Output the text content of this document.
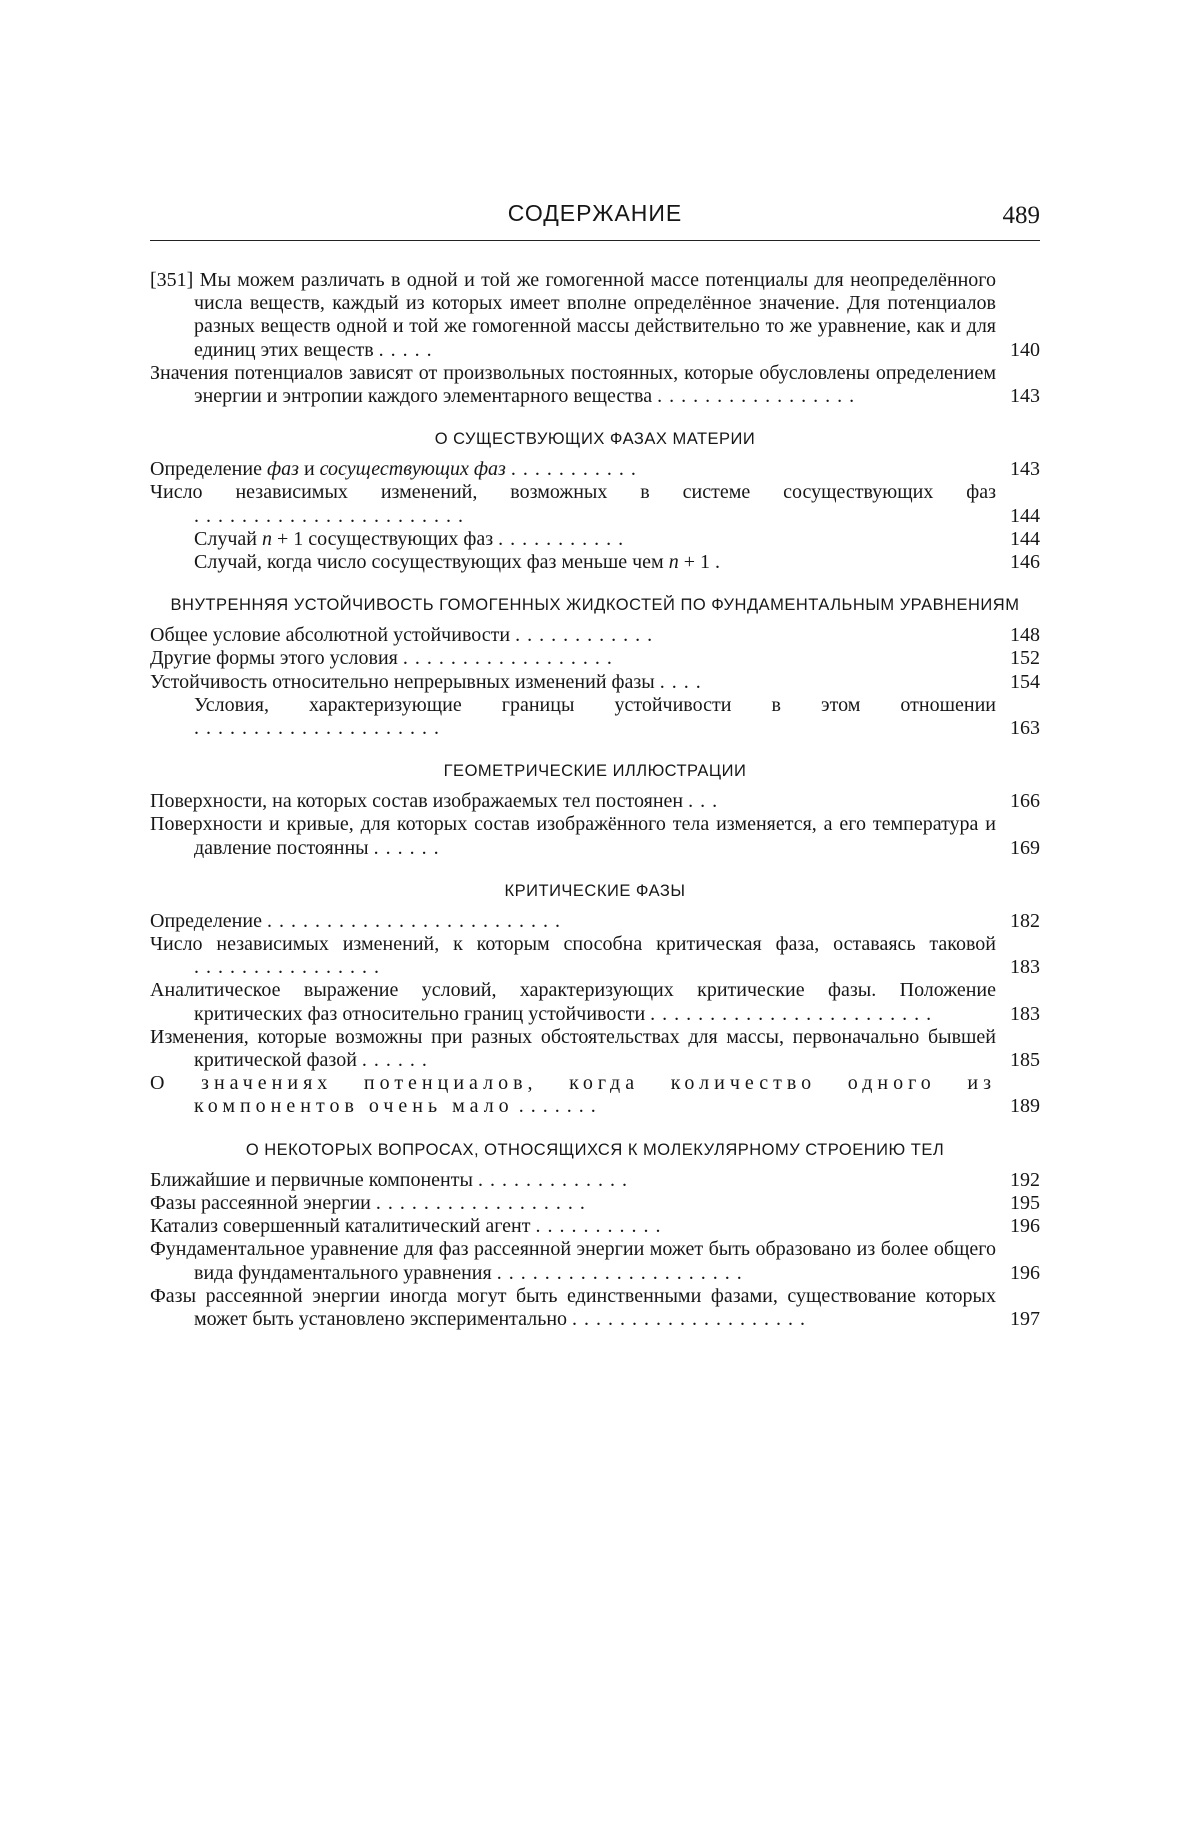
СОДЕРЖАНИЕ	489
[351] Мы можем различать в одной и той же гомогенной массе потенциалы для неопределённого числа веществ, каждый из которых имеет вполне определённое значение. Для потенциалов разных веществ одной и той же гомогенной массы действительно то же уравнение, как и для единиц этих веществ .....	140
Значения потенциалов зависят от произвольных постоянных, которые обусловлены определением энергии и энтропии каждого элементарного вещества .................	143
О СУЩЕСТВУЮЩИХ ФАЗАХ МАТЕРИИ
Определение фаз и сосуществующих фаз ...........	143
Число независимых изменений, возможных в системе сосуществующих фаз .......................	144
Случай n + 1 сосуществующих фаз ...........	144
Случай, когда число сосуществующих фаз меньше чем n + 1 .	146
ВНУТРЕННЯЯ УСТОЙЧИВОСТЬ ГОМОГЕННЫХ ЖИДКОСТЕЙ ПО ФУНДАМЕНТАЛЬНЫМ УРАВНЕНИЯМ
Общее условие абсолютной устойчивости ............	148
Другие формы этого условия ..................	152
Устойчивость относительно непрерывных изменений фазы ....	154
Условия, характеризующие границы устойчивости в этом отношении .....................	163
ГЕОМЕТРИЧЕСКИЕ ИЛЛЮСТРАЦИИ
Поверхности, на которых состав изображаемых тел постоянен ...	166
Поверхности и кривые, для которых состав изображённого тела изменяется, а его температура и давление постоянны ......	169
КРИТИЧЕСКИЕ ФАЗЫ
Определение .........................	182
Число независимых изменений, к которым способна критическая фаза, оставаясь таковой ................	183
Аналитическое выражение условий, характеризующих критические фазы. Положение критических фаз относительно границ устойчивости ........................	183
Изменения, которые возможны при разных обстоятельствах для массы, первоначально бывшей критической фазой ......	185
О значениях потенциалов, когда количество одного из компонентов очень мало .......	189
О НЕКОТОРЫХ ВОПРОСАХ, ОТНОСЯЩИХСЯ К МОЛЕКУЛЯРНОМУ СТРОЕНИЮ ТЕЛ
Ближайшие и первичные компоненты .............	192
Фазы рассеянной энергии ..................	195
Катализ совершенный каталитический агент ...........	196
Фундаментальное уравнение для фаз рассеянной энергии может быть образовано из более общего вида фундаментального уравнения .....................	196
Фазы рассеянной энергии иногда могут быть единственными фазами, существование которых может быть установлено экспериментально ....................	197
